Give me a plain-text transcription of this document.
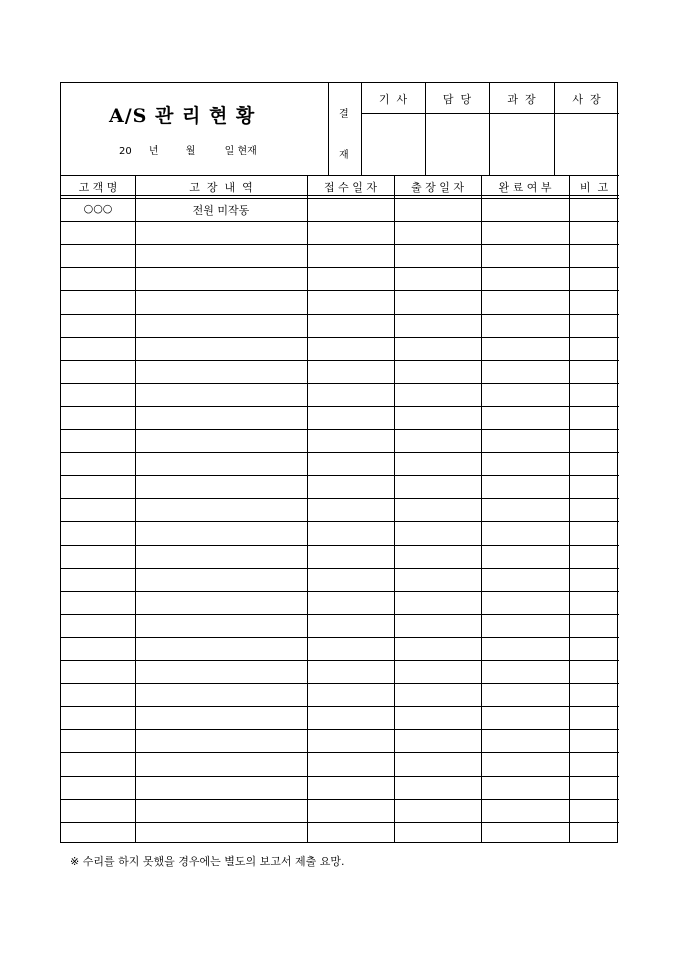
A/S 관 리 현 황
20 년	월	일 현재
결
재
기  사	담  당	과  장	사  장
고 객 명	고  장  내  역	접 수 일 자	출 장 일 자	완 료 여 부	비  고
○○○	전원 미작동
※ 수리를 하지 못했을 경우에는 별도의 보고서 제출 요망.
